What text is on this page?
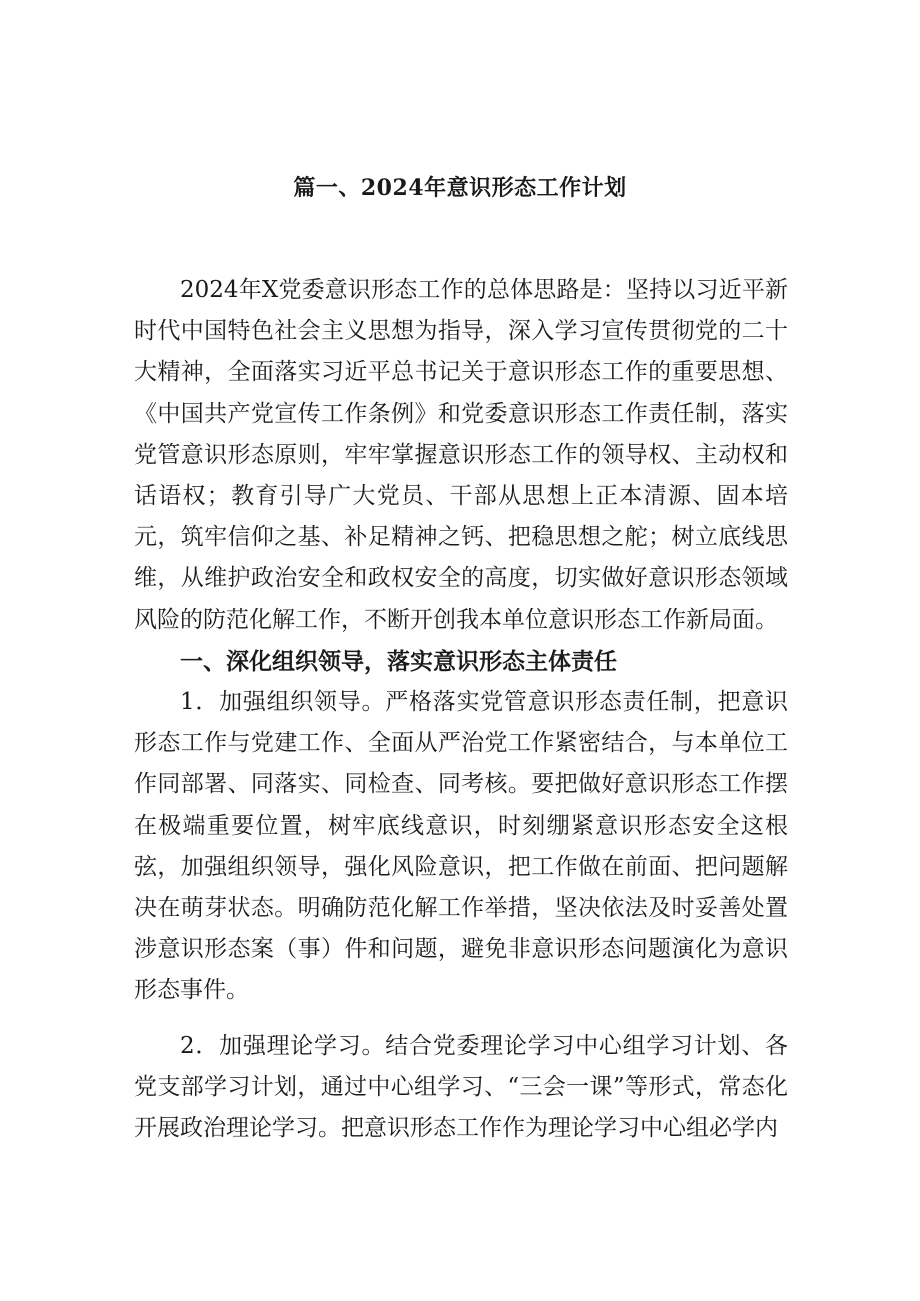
篇一、2024年意识形态工作计划

2024年X党委意识形态工作的总体思路是：坚持以习近平新时代中国特色社会主义思想为指导，深入学习宣传贯彻党的二十大精神，全面落实习近平总书记关于意识形态工作的重要思想、《中国共产党宣传工作条例》和党委意识形态工作责任制，落实党管意识形态原则，牢牢掌握意识形态工作的领导权、主动权和话语权；教育引导广大党员、干部从思想上正本清源、固本培元，筑牢信仰之基、补足精神之钙、把稳思想之舵；树立底线思维，从维护政治安全和政权安全的高度，切实做好意识形态领域风险的防范化解工作，不断开创我本单位意识形态工作新局面。

一、深化组织领导，落实意识形态主体责任

1．加强组织领导。严格落实党管意识形态责任制，把意识形态工作与党建工作、全面从严治党工作紧密结合，与本单位工作同部署、同落实、同检查、同考核。要把做好意识形态工作摆在极端重要位置，树牢底线意识，时刻绷紧意识形态安全这根弦，加强组织领导，强化风险意识，把工作做在前面、把问题解决在萌芽状态。明确防范化解工作举措，坚决依法及时妥善处置涉意识形态案（事）件和问题，避免非意识形态问题演化为意识形态事件。

2．加强理论学习。结合党委理论学习中心组学习计划、各党支部学习计划，通过中心组学习、“三会一课”等形式，常态化开展政治理论学习。把意识形态工作作为理论学习中心组必学内
